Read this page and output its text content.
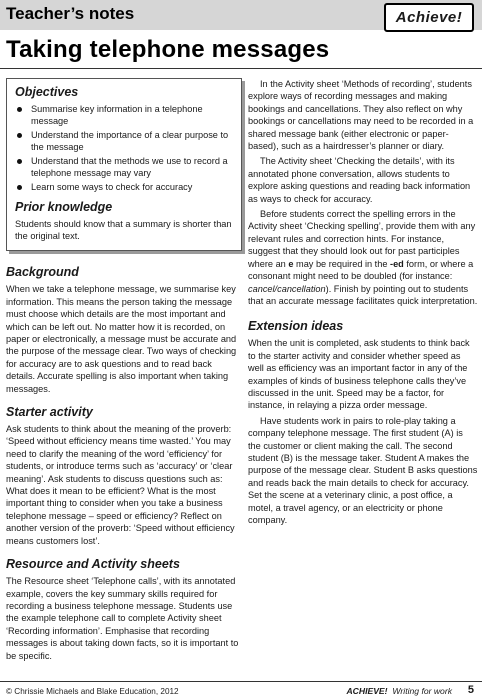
Teacher’s notes	Achieve!
Taking telephone messages
Objectives
Summarise key information in a telephone message
Understand the importance of a clear purpose to the message
Understand that the methods we use to record a telephone message may vary
Learn some ways to check for accuracy
Prior knowledge

Students should know that a summary is shorter than the original text.

Background

When we take a telephone message, we summarise key information. This means the person taking the message must choose which details are the most important and which can be left out. No matter how it is recorded, on paper or electronically, a message must be accurate and the purpose of the message clear. Two ways of checking for accuracy are to ask questions and to read back details. Accurate spelling is also important when taking messages.

Starter activity

Ask students to think about the meaning of the proverb: ‘Speed without efficiency means time wasted.’ You may need to clarify the meaning of the word ‘efficiency’ for students, or introduce terms such as ‘accuracy’ or ‘clear meaning’. Ask students to discuss questions such as: What does it mean to be efficient? What is the most important thing to consider when you take a business telephone message – speed or efficiency? Reflect on another version of the proverb: ‘Speed without efficiency means customers lost’.

Resource and Activity sheets

The Resource sheet ‘Telephone calls’, with its annotated example, covers the key summary skills required for recording a business telephone message. Students use the example telephone call to complete Activity sheet ‘Recording information’. Emphasise that recording messages is about taking down facts, so it is important to be specific.

In the Activity sheet ‘Methods of recording’, students explore ways of recording messages and making bookings and cancellations. They also reflect on why bookings or cancellations may need to be recorded in a shared message bank (either electronic or paper-based), such as a hairdresser’s planner or diary.

The Activity sheet ‘Checking the details’, with its annotated phone conversation, allows students to explore asking questions and reading back information as ways to check for accuracy.

Before students correct the spelling errors in the Activity sheet ‘Checking spelling’, provide them with any relevant rules and correction hints. For instance, suggest that they should look out for past participles where an e may be required in the -ed form, or where a consonant might need to be doubled (for instance: cancel/cancellation). Finish by pointing out to students that an accurate message facilitates quick interpretation.

Extension ideas

When the unit is completed, ask students to think back to the starter activity and consider whether speed as well as efficiency was an important factor in any of the examples of kinds of business telephone calls they’ve discussed in the unit. Speed may be a factor, for instance, in relaying a pizza order message.

Have students work in pairs to role-play taking a company telephone message. The first student (A) is the customer or client making the call. The second student (B) is the message taker. Student A makes the purpose of the message clear. Student B asks questions and reads back the main details to check for accuracy. Set the scene at a veterinary clinic, a post office, a motel, a travel agency, or an electricity or phone company.

© Chrissie Michaels and Blake Education, 2012	ACHIEVE! Writing for work 5
